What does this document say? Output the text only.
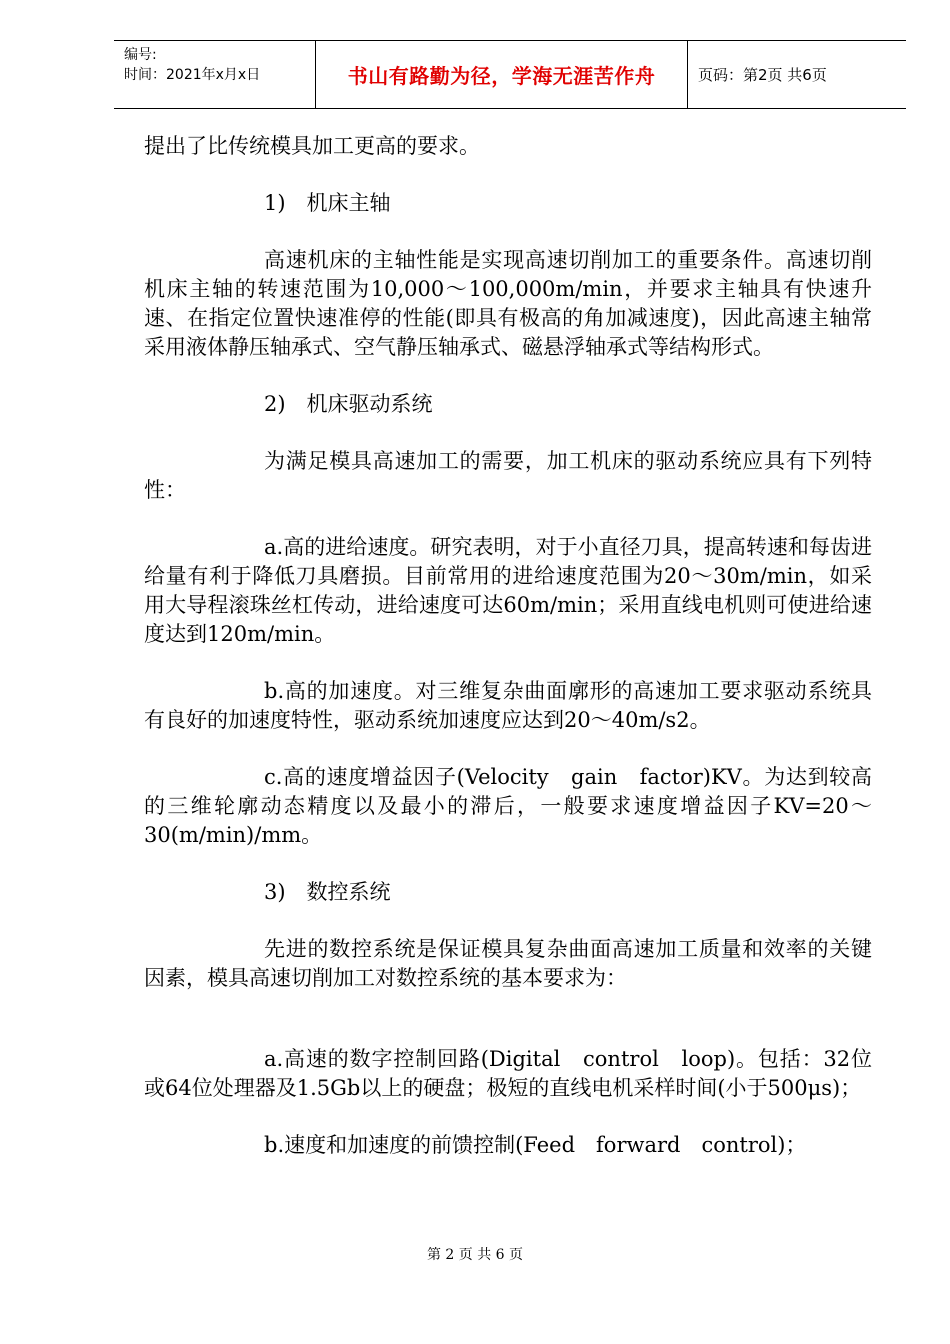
编号:
时间：2021年x月x日	书山有路勤为径，学海无涯苦作舟	页码：第2页 共6页

提出了比传统模具加工更高的要求。

1)　机床主轴

高速机床的主轴性能是实现高速切削加工的重要条件。高速切削机床主轴的转速范围为10,000～100,000m/min，并要求主轴具有快速升速、在指定位置快速准停的性能(即具有极高的角加减速度)，因此高速主轴常采用液体静压轴承式、空气静压轴承式、磁悬浮轴承式等结构形式。

2)　机床驱动系统

为满足模具高速加工的需要，加工机床的驱动系统应具有下列特性：

a.高的进给速度。研究表明，对于小直径刀具，提高转速和每齿进给量有利于降低刀具磨损。目前常用的进给速度范围为20～30m/min，如采用大导程滚珠丝杠传动，进给速度可达60m/min；采用直线电机则可使进给速度达到120m/min。

b.高的加速度。对三维复杂曲面廓形的高速加工要求驱动系统具有良好的加速度特性，驱动系统加速度应达到20～40m/s2。

c.高的速度增益因子(Velocity　gain　factor)KV。为达到较高的三维轮廓动态精度以及最小的滞后，一般要求速度增益因子KV=20～30(m/min)/mm。

3)　数控系统

先进的数控系统是保证模具复杂曲面高速加工质量和效率的关键因素，模具高速切削加工对数控系统的基本要求为：

a.高速的数字控制回路(Digital　control　loop)。包括：32位或64位处理器及1.5Gb以上的硬盘；极短的直线电机采样时间(小于500μs)；

b.速度和加速度的前馈控制(Feed　forward　control)；

第 2 页 共 6 页
